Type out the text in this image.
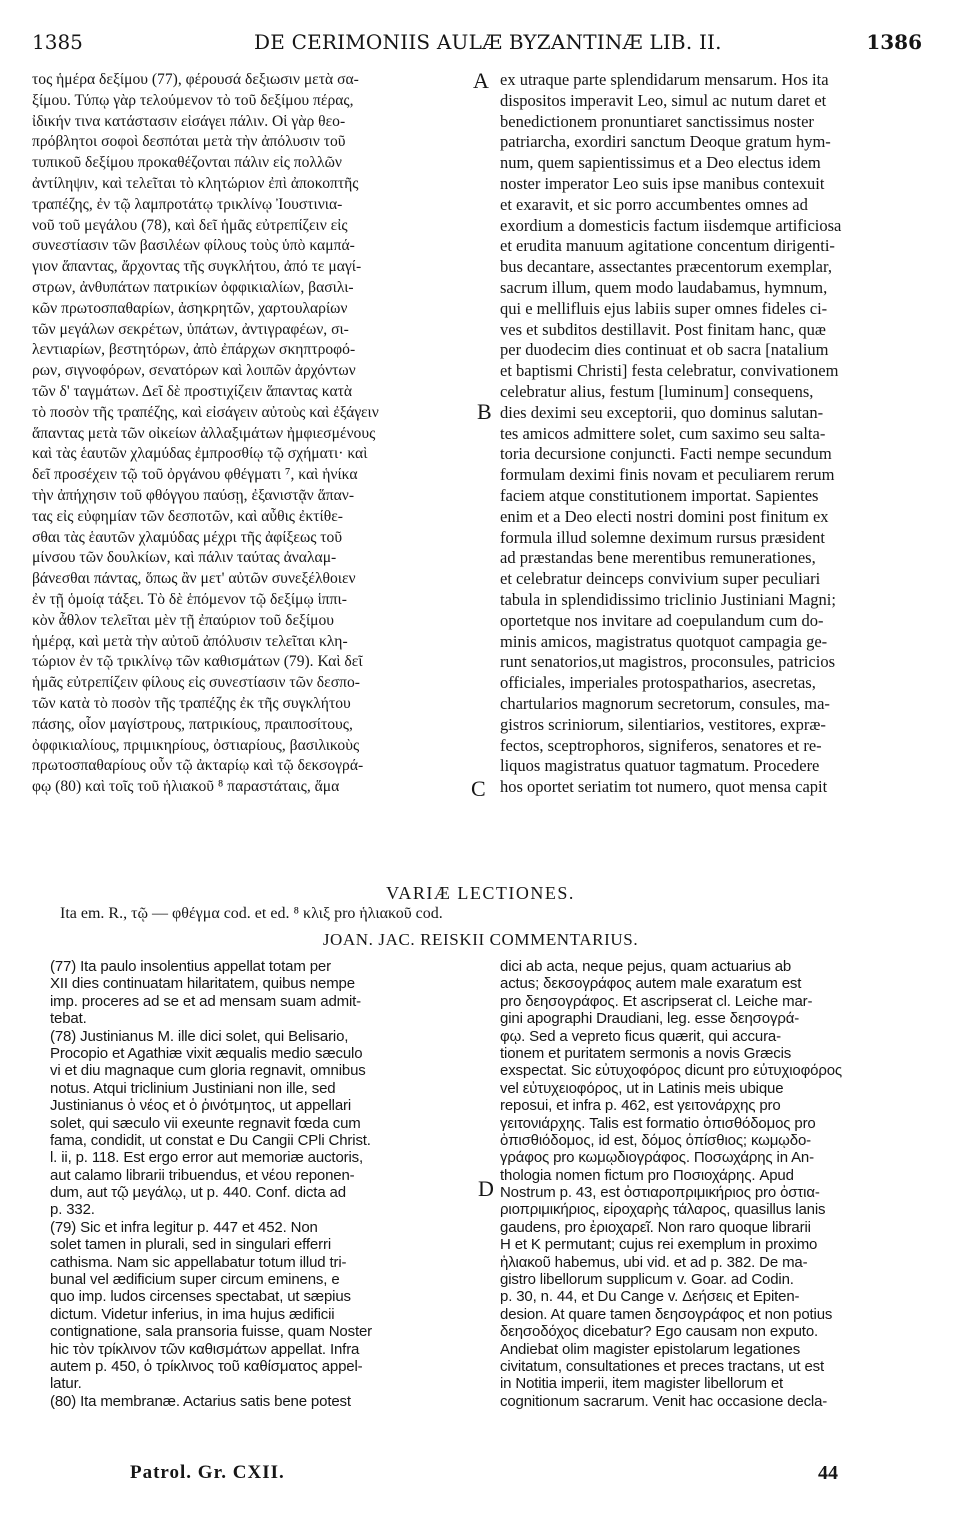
1385	DE CERIMONIIS AULÆ BYZANTINÆ LIB. II.	1386
τος ἡμέρα δεξίμου (77), φέρουσά δεξιωσιν μετὰ σα-
ξίμου. Τύπῳ γὰρ τελούμενον τὸ τοῦ δεξίμου πέρας,
ἰδικήν τινα κατάστασιν εἰσάγει πάλιν. Οἱ γὰρ θεο-
πρόβλητοι σοφοὶ δεσπόται μετὰ τὴν ἀπόλυσιν τοῦ
τυπικοῦ δεξίμου προκαθέζονται πάλιν εἰς πολλῶν
ἀντίληψιν, καὶ τελεῖται τὸ κλητώριον ἐπὶ ἀποκοπτῆς
τραπέζης, ἐν τῷ λαμπροτάτῳ τρικλίνῳ Ἰουστινια-
νοῦ τοῦ μεγάλου (78), καὶ δεῖ ἡμᾶς εὐτρεπίζειν εἰς
συνεστίασιν τῶν βασιλέων φίλους τοὺς ὑπὸ καμπά-
γιον ἅπαντας, ἄρχοντας τῆς συγκλήτου, ἀπό τε μαγί-
στρων, ἀνθυπάτων πατρικίων ὀφφικιαλίων, βασιλι-
κῶν πρωτοσπαθαρίων, ἀσηκρητῶν, χαρτουλαρίων
τῶν μεγάλων σεκρέτων, ὑπάτων, ἀντιγραφέων, σι-
λεντιαρίων, βεστητόρων, ἀπὸ ἐπάρχων σκηπτροφό-
ρων, σιγνοφόρων, σενατόρων καὶ λοιπῶν ἀρχόντων
τῶν δ' ταγμάτων. Δεῖ δὲ προστιχίζειν ἅπαντας κατὰ
τὸ ποσὸν τῆς τραπέζης, καὶ εἰσάγειν αὐτοὺς καὶ ἐξάγειν
ἅπαντας μετὰ τῶν οἰκείων ἀλλαξιμάτων ἠμφιεσμένους
καὶ τὰς ἑαυτῶν χλαμύδας ἐμπροσθίῳ τῷ σχήματι· καὶ
δεῖ προσέχειν τῷ τοῦ ὀργάνου φθέγματι ⁷, καὶ ἡνίκα
τὴν ἀπήχησιν τοῦ φθόγγου παύσῃ, ἐξανιστᾷν ἅπαν-
τας εἰς εὐφημίαν τῶν δεσποτῶν, καὶ αὖθις ἐκτίθε-
σθαι τὰς ἑαυτῶν χλαμύδας μέχρι τῆς ἀφίξεως τοῦ
μίνσου τῶν δουλκίων, καὶ πάλιν ταύτας ἀναλαμ-
βάνεσθαι πάντας, ὅπως ἂν μετ' αὐτῶν συνεξέλθοιεν
ἐν τῇ ὁμοίᾳ τάξει. Τὸ δὲ ἑπόμενον τῷ δεξίμῳ ἱππι-
κὸν ἆθλον τελεῖται μὲν τῇ ἐπαύριον τοῦ δεξίμου
ἡμέρᾳ, καὶ μετὰ τὴν αὐτοῦ ἀπόλυσιν τελεῖται κλη-
τώριον ἐν τῷ τρικλίνῳ τῶν καθισμάτων (79). Καὶ δεῖ
ἡμᾶς εὐτρεπίζειν φίλους εἰς συνεστίασιν τῶν δεσπο-
τῶν κατὰ τὸ ποσὸν τῆς τραπέζης ἐκ τῆς συγκλήτου
πάσης, οἷον μαγίστρους, πατρικίους, πραιποσίτους,
ὀφφικιαλίους, πριμικηρίους, ὀστιαρίους, βασιλικοὺς
πρωτοσπαθαρίους οὖν τῷ ἀκταρίῳ καὶ τῷ δεκσογρά-
φῳ (80) καὶ τοῖς τοῦ ἡλιακοῦ ⁸ παραστάταις, ἅμα
ex utraque parte splendidarum mensarum. Hos ita
dispositos imperavit Leo, simul ac nutum daret et
benedictionem pronuntiaret sanctissimus noster
patriarcha, exordiri sanctum Deoque gratum hym-
num, quem sapientissimus et a Deo electus idem
noster imperator Leo suis ipse manibus contexuit
et exaravit, et sic porro accumbentes omnes ad
exordium a domesticis factum iisdemque artificiosa
et erudita manuum agitatione concentum dirigenti-
bus decantare, assectantes præcentorum exemplar,
sacrum illum, quem modo laudabamus, hymnum,
qui e mellifluis ejus labiis super omnes fideles ci-
ves et subditos destillavit. Post finitam hanc, quæ
per duodecim dies continuat et ob sacra [natalium
et baptismi Christi] festa celebratur, convivationem
celebratur alius, festum [luminum] consequens,
dies deximi seu exceptorii, quo dominus salutan-
tes amicos admittere solet, cum saximo seu salta-
toria decursione conjuncti. Facti nempe secundum
formulam deximi finis novam et peculiarem rerum
faciem atque constitutionem importat. Sapientes
enim et a Deo electi nostri domini post finitum ex
formula illud solemne deximum rursus præsident
ad præstandas bene merentibus remunerationes,
et celebratur deinceps convivium super peculiari
tabula in splendidissimo triclinio Justiniani Magni;
oportetque nos invitare ad coepulandum cum do-
minis amicos, magistratus quotquot campagia ge-
runt senatorios,ut magistros, proconsules, patricios
officiales, imperiales protospatharios, asecretas,
chartularios magnorum secretorum, consules, ma-
gistros scriniorum, silentiarios, vestitores, expræ-
fectos, sceptrophoros, signiferos, senatores et re-
liquos magistratus quatuor tagmatum. Procedere
hos oportet seriatim tot numero, quot mensa capit
A
B
C
D
VARIÆ LECTIONES.
Ita em. R., τῷ — φθέγμα cod. et ed. ⁸ κλιξ pro ἡλιακοῦ cod.
JOAN. JAC. REISKII COMMENTARIUS.
(77) Ita paulo insolentius appellat totam per
XII dies continuatam hilaritatem, quibus nempe
imp. proceres ad se et ad mensam suam admit-
tebat.
(78) Justinianus M. ille dici solet, qui Belisario,
Procopio et Agathiæ vixit æqualis medio sæculo
vi et diu magnaque cum gloria regnavit, omnibus
notus. Atqui triclinium Justiniani non ille, sed
Justinianus ὁ νέος et ὁ ῥινότμητος, ut appellari
solet, qui sæculo vii exeunte regnavit fœda cum
fama, condidit, ut constat e Du Cangii CPli Christ.
l. ii, p. 118. Est ergo error aut memoriæ auctoris,
aut calamo librarii tribuendus, et νέου reponen-
dum, aut τῷ μεγάλῳ, ut p. 440. Conf. dicta ad
p. 332.
(79) Sic et infra legitur p. 447 et 452. Non
solet tamen in plurali, sed in singulari efferri
cathisma. Nam sic appellabatur totum illud tri-
bunal vel ædificium super circum eminens, e
quo imp. ludos circenses spectabat, ut sæpius
dictum. Videtur inferius, in ima hujus ædificii
contignatione, sala pransoria fuisse, quam Noster
hic τὸν τρίκλινον τῶν καθισμάτων appellat. Infra
autem p. 450, ὁ τρίκλινος τοῦ καθίσματος appel-
latur.
(80) Ita membranæ. Actarius satis bene potest
dici ab acta, neque pejus, quam actuarius ab
actus; δεκσογράφος autem male exaratum est
pro δεησογράφος. Et ascripserat cl. Leiche mar-
gini apographi Draudiani, leg. esse δεησογρά-
φῳ. Sed a vepreto ficus quærit, qui accura-
tionem et puritatem sermonis a novis Græcis
exspectat. Sic εὐτυχοφόρος dicunt pro εὐτυχιοφόρος
vel εὐτυχειοφόρος, ut in Latinis meis ubique
reposui, et infra p. 462, est γειτονάρχης pro
γειτονιάρχης. Talis est formatio ὀπισθόδομος pro
ὀπισθιόδομος, id est, δόμος ὀπίσθιος; κωμῳδο-
γράφος pro κωμῳδιογράφος. Ποσωχάρης in An-
thologia nomen fictum pro Ποσιοχάρης. Apud
Nostrum p. 43, est ὀστιαροπριμικήριος pro ὀστια-
ριοπριμικήριος, εἰροχαρὴς τάλαρος, quasillus lanis
gaudens, pro ἐριοχαρεῖ. Non raro quoque librarii
Η et Κ permutant; cujus rei exemplum in proximo
ἡλιακοῦ habemus, ubi vid. et ad p. 382. De ma-
gistro libellorum supplicum v. Goar. ad Codin.
p. 30, n. 44, et Du Cange v. Δεήσεις et Epiten-
desion. At quare tamen δεησογράφος et non potius
δεησοδόχος dicebatur? Ego causam non exputo.
Andiebat olim magister epistolarum legationes
civitatum, consultationes et preces tractans, ut est
in Notitia imperii, item magister libellorum et
cognitionum sacrarum. Venit hac occasione decla-
Patrol. Gr. CXII.	44
